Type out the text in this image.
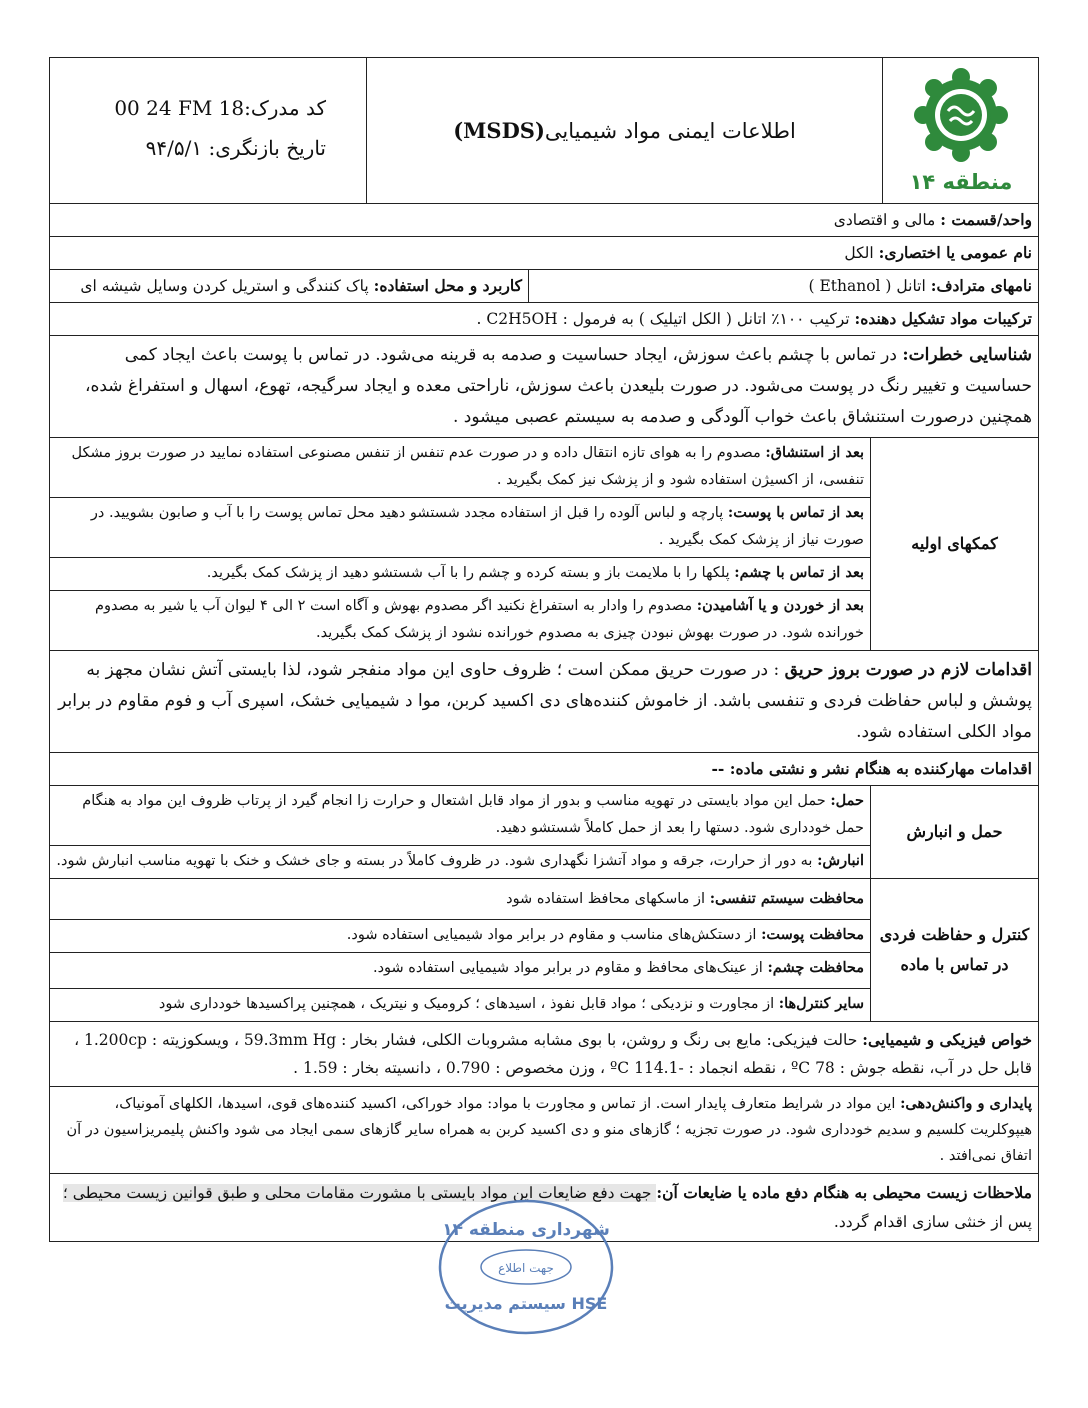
منطقه ۱۴
اطلاعات ایمنی مواد شیمیایی
(MSDS)
کد مدرک:00 24 FM 18
تاریخ بازنگری: ۹۴/۵/۱
واحد/قسمت : مالی و اقتصادی
نام عمومی یا اختصاری: الکل
نامهای مترادف: اتانل ( Ethanol )
کاربرد و محل استفاده: پاک کنندگی و استریل کردن وسایل شیشه ای
ترکیبات مواد تشکیل دهنده: ترکیب ۱۰۰٪ اتانل ( الکل اتیلیک ) به فرمول : C2H5OH .
شناسایی خطرات: در تماس با چشم باعث سوزش، ایجاد حساسیت و صدمه به قرینه می‌شود. در تماس با پوست باعث ایجاد کمی حساسیت و تغییر رنگ در پوست می‌شود. در صورت بلیعدن باعث سوزش، ناراحتی معده و ایجاد سرگیجه، تهوع، اسهال و استفراغ شده، همچنین درصورت استنشاق باعث خواب آلودگی و صدمه به سیستم عصبی میشود .
کمکهای اولیه
بعد از استنشاق: مصدوم را به هوای تازه انتقال داده و در صورت عدم تنفس از تنفس مصنوعی استفاده نمایید در صورت بروز مشکل تنفسی، از اکسیژن استفاده شود و از پزشک نیز کمک بگیرید .
بعد از تماس با پوست: پارچه و لباس آلوده را قبل از استفاده مجدد شستشو دهید محل تماس پوست را با آب و صابون بشویید. در صورت نیاز از پزشک کمک بگیرید .
بعد از تماس با چشم: پلکها را با ملایمت باز و بسته کرده و چشم را با آب شستشو دهید از پزشک کمک بگیرید.
بعد از خوردن و یا آشامیدن: مصدوم را وادار به استفراغ نکنید اگر مصدوم بهوش و آگاه است ۲ الی ۴ لیوان آب یا شیر به مصدوم خورانده شود. در صورت بهوش نبودن چیزی به مصدوم خورانده نشود از پزشک کمک بگیرید.
اقدامات لازم در صورت بروز حریق : در صورت حریق ممکن است ؛ ظروف حاوی این مواد منفجر شود، لذا بایستی آتش نشان مجهز به پوشش و لباس حفاظت فردی و تنفسی باشد. از خاموش کننده‌های دی اکسید کربن، موا د شیمیایی خشک، اسپری آب و فوم مقاوم در برابر مواد الکلی استفاده شود.
اقدامات مهارکننده به هنگام نشر و نشتی ماده: --
حمل و انبارش
حمل: حمل این مواد بایستی در تهویه مناسب و بدور از مواد قابل اشتعال و حرارت زا انجام گیرد از پرتاب ظروف این مواد به هنگام حمل خودداری شود. دستها را بعد از حمل کاملاً شستشو دهید.
انبارش: به دور از حرارت، جرقه و مواد آتشزا نگهداری شود. در ظروف کاملاً در بسته و جای خشک و خنک با تهویه مناسب انبارش شود.
کنترل و حفاظت فردی
در تماس با ماده
محافظت سیستم تنفسی: از ماسکهای محافظ استفاده شود
محافظت پوست: از دستکش‌های مناسب و مقاوم در برابر مواد شیمیایی استفاده شود.
محافظت چشم: از عینک‌های محافظ و مقاوم در برابر مواد شیمیایی استفاده شود.
سایر کنترل‌ها: از مجاورت و نزدیکی ؛ مواد قابل نفوذ ، اسیدهای ؛ کرومیک و نیتریک ، همچنین پراکسیدها خودداری شود
خواص فیزیکی و شیمیایی: حالت فیزیکی: مایع بی رنگ و روشن، با بوی مشابه مشروبات الکلی، فشار بخار : 59.3mm Hg ، ویسکوزیته : 1.200cp ، قابل حل در آب، نقطه جوش : 78 ºC ، نقطه انجماد : -114.1 ºC ، وزن مخصوص : 0.790 ، دانسیته بخار : 1.59 .
پایداری و واکنش‌دهی: این مواد در شرایط متعارف پایدار است. از تماس و مجاورت با مواد: مواد خوراکی، اکسید کننده‌های قوی، اسیدها، الکلهای آمونیاک، هیپوکلریت کلسیم و سدیم خودداری شود. در صورت تجزیه ؛ گازهای منو و دی اکسید کربن به همراه سایر گازهای سمی ایجاد می شود واکنش پلیمریزاسیون در آن اتفاق نمی‌افتد .
ملاحظات زیست محیطی به هنگام دفع ماده یا ضایعات آن: جهت دفع ضایعات این مواد بایستی با مشورت مقامات محلی و طبق قوانین زیست محیطی ؛ پس از خنثی سازی اقدام گردد.
شهرداری منطقه ۱۴
جهت اطلاع
سیستم مدیریت HSE
